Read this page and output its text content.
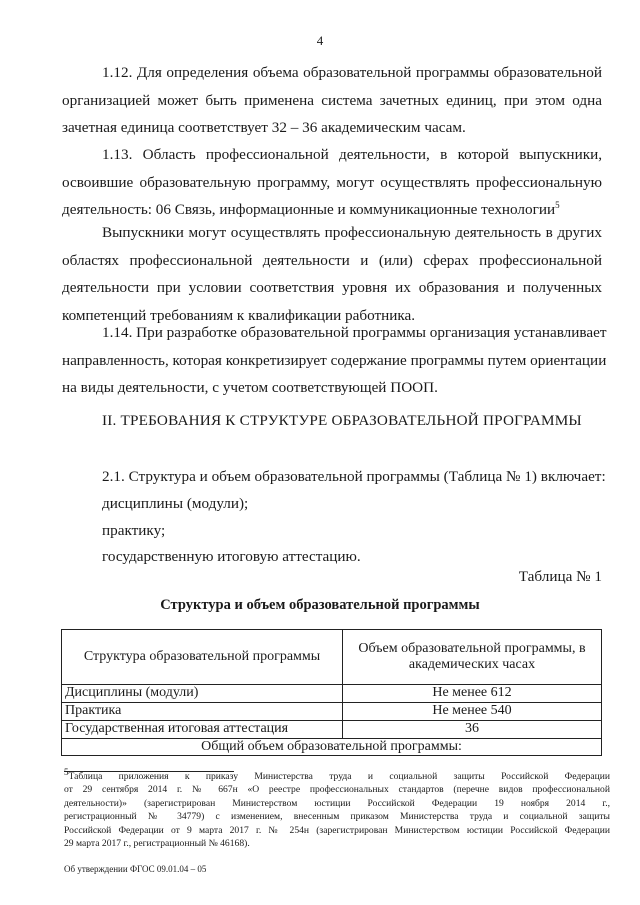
4
1.12. Для определения объема образовательной программы образовательной
организацией может быть применена система зачетных единиц, при этом одна
зачетная единица соответствует 32 – 36 академическим часам.
1.13. Область профессиональной деятельности, в которой выпускники,
освоившие образовательную программу, могут осуществлять профессиональную
деятельность: 06 Связь, информационные и коммуникационные технологии$^5$
Выпускники могут осуществлять профессиональную деятельность в других
областях профессиональной деятельности и (или) сферах профессиональной
деятельности при условии соответствия уровня их образования и полученных
компетенций требованиям к квалификации работника.
1.14. При разработке образовательной программы организация устанавливает
направленность, которая конкретизирует содержание программы путем ориентации
на виды деятельности, с учетом соответствующей ПООП.
II. ТРЕБОВАНИЯ К СТРУКТУРЕ ОБРАЗОВАТЕЛЬНОЙ ПРОГРАММЫ
2.1. Структура и объем образовательной программы (Таблица № 1) включает:
дисциплины (модули);
практику;
государственную итоговую аттестацию.
Таблица № 1
Структура и объем образовательной программы
Структура образовательной программы	Объем образовательной программы, в академических часах
Дисциплины (модули)	Не менее 612
Практика	Не менее 540
Государственная итоговая аттестация	36
Общий объем образовательной программы:	
5Таблица приложения к приказу Министерства труда и социальной защиты Российской Федерации
от 29 сентября 2014 г. № 667н «О реестре профессиональных стандартов (перечне видов профессиональной
деятельности)» (зарегистрирован Министерством юстиции Российской Федерации 19 ноября 2014 г.,
регистрационный № 34779) с изменением, внесенным приказом Министерства труда и социальной защиты
Российской Федерации от 9 марта 2017 г. № 254н (зарегистрирован Министерством юстиции Российской Федерации
29 марта 2017 г., регистрационный № 46168).
Об утверждении ФГОС 09.01.04 – 05
